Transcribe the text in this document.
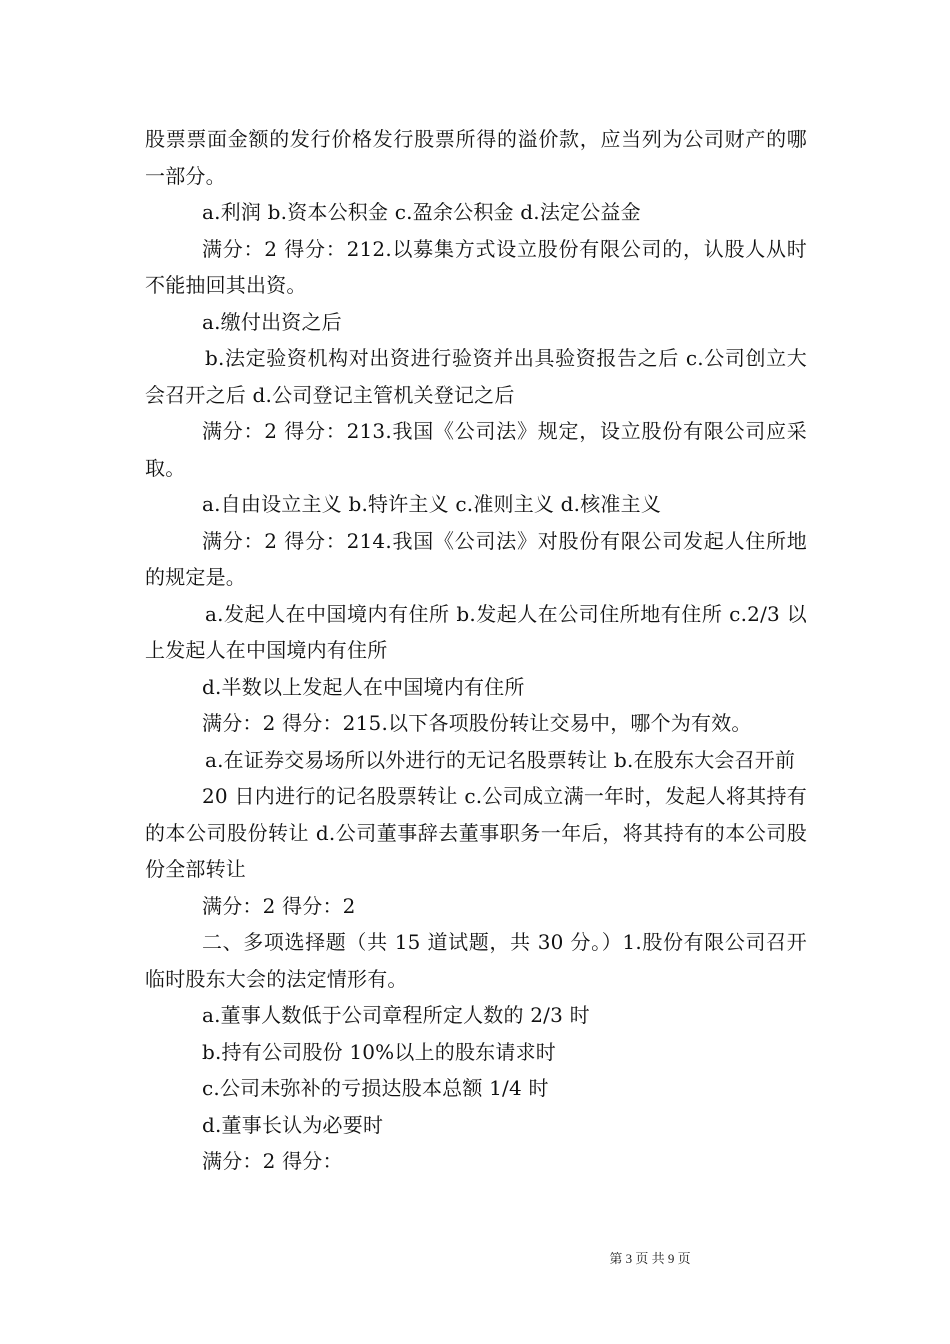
股票票面金额的发行价格发行股票所得的溢价款，应当列为公司财产的哪一部分。

a.利润 b.资本公积金 c.盈余公积金 d.法定公益金

满分：2 得分：212.以募集方式设立股份有限公司的，认股人从时不能抽回其出资。

a.缴付出资之后

b.法定验资机构对出资进行验资并出具验资报告之后 c.公司创立大会召开之后 d.公司登记主管机关登记之后

满分：2 得分：213.我国《公司法》规定，设立股份有限公司应采取。

a.自由设立主义 b.特许主义 c.准则主义 d.核准主义

满分：2 得分：214.我国《公司法》对股份有限公司发起人住所地的规定是。

a.发起人在中国境内有住所 b.发起人在公司住所地有住所 c.2/3 以上发起人在中国境内有住所

d.半数以上发起人在中国境内有住所

满分：2 得分：215.以下各项股份转让交易中，哪个为有效。

a.在证券交易场所以外进行的无记名股票转让 b.在股东大会召开前

20 日内进行的记名股票转让 c.公司成立满一年时，发起人将其持有的本公司股份转让 d.公司董事辞去董事职务一年后，将其持有的本公司股份全部转让

满分：2 得分：2

二、多项选择题（共 15 道试题，共 30 分。）1.股份有限公司召开临时股东大会的法定情形有。

a.董事人数低于公司章程所定人数的 2/3 时

b.持有公司股份 10%以上的股东请求时

c.公司未弥补的亏损达股本总额 1/4 时

d.董事长认为必要时

满分：2 得分：

第 3 页 共 9 页
